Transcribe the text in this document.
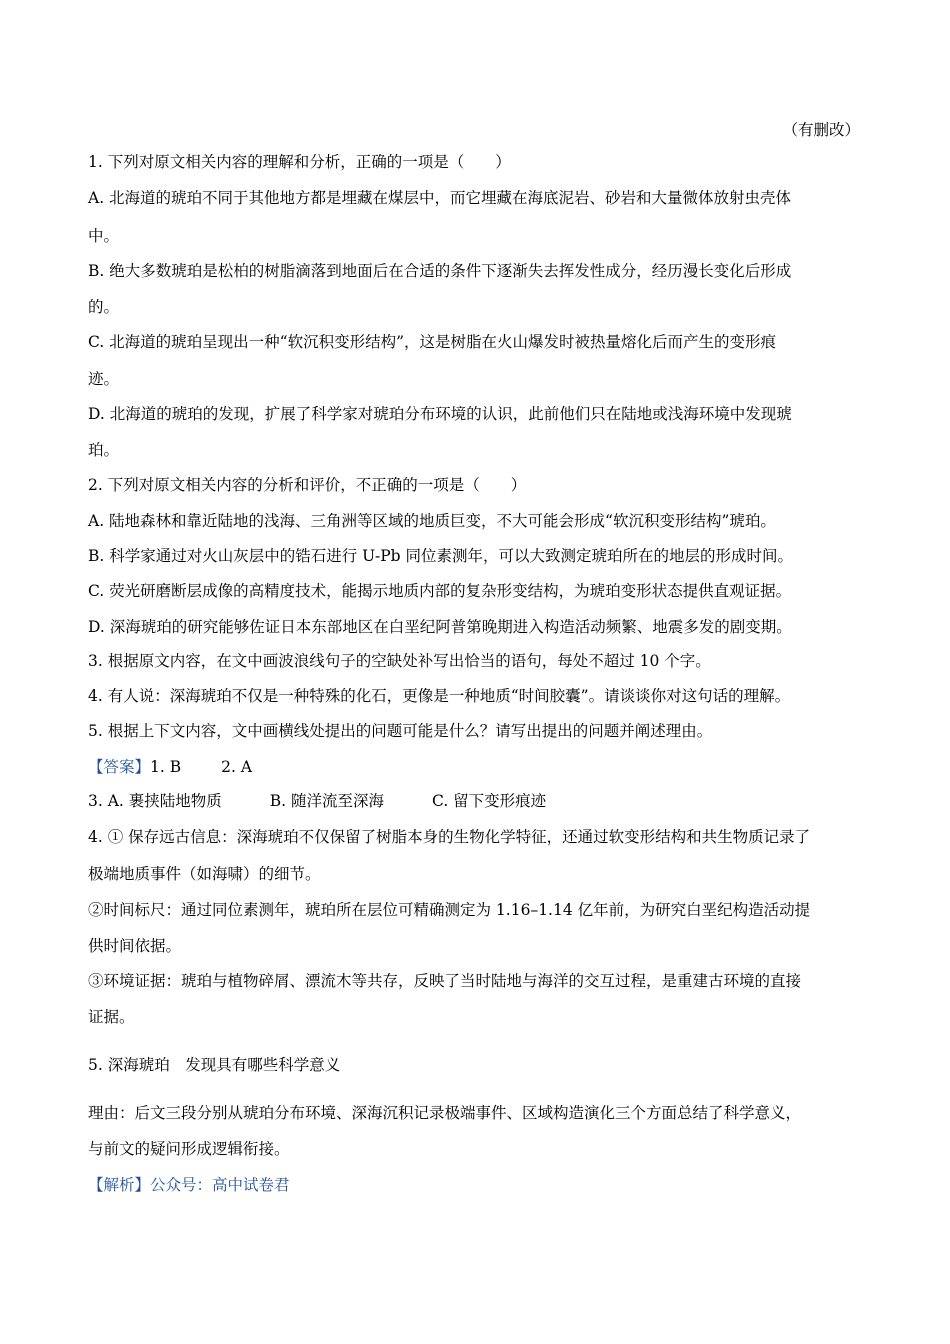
（有删改）
1. 下列对原文相关内容的理解和分析，正确的一项是（　　）
A. 北海道的琥珀不同于其他地方都是埋藏在煤层中，而它埋藏在海底泥岩、砂岩和大量微体放射虫壳体
中。
B. 绝大多数琥珀是松柏的树脂滴落到地面后在合适的条件下逐渐失去挥发性成分，经历漫长变化后形成
的。
C. 北海道的琥珀呈现出一种“软沉积变形结构”，这是树脂在火山爆发时被热量熔化后而产生的变形痕
迹。
D. 北海道的琥珀的发现，扩展了科学家对琥珀分布环境的认识，此前他们只在陆地或浅海环境中发现琥
珀。
2. 下列对原文相关内容的分析和评价，不正确的一项是（　　）
A. 陆地森林和靠近陆地的浅海、三角洲等区域的地质巨变，不大可能会形成“软沉积变形结构”琥珀。
B. 科学家通过对火山灰层中的锆石进行 U-Pb 同位素测年，可以大致测定琥珀所在的地层的形成时间。
C. 荧光研磨断层成像的高精度技术，能揭示地质内部的复杂形变结构，为琥珀变形状态提供直观证据。
D. 深海琥珀的研究能够佐证日本东部地区在白垩纪阿普第晚期进入构造活动频繁、地震多发的剧变期。
3. 根据原文内容，在文中画波浪线句子的空缺处补写出恰当的语句，每处不超过 10 个字。
4. 有人说：深海琥珀不仅是一种特殊的化石，更像是一种地质“时间胶囊”。请谈谈你对这句话的理解。
5. 根据上下文内容，文中画横线处提出的问题可能是什么？请写出提出的问题并阐述理由。
【答案】1. B	2. A
3. A. 裹挟陆地物质	B. 随洋流至深海	C. 留下变形痕迹
4. ① 保存远古信息：深海琥珀不仅保留了树脂本身的生物化学特征，还通过软变形结构和共生物质记录了
极端地质事件（如海啸）的细节。
②时间标尺：通过同位素测年，琥珀所在层位可精确测定为 1.16–1.14 亿年前，为研究白垩纪构造活动提
供时间依据。
③环境证据：琥珀与植物碎屑、漂流木等共存，反映了当时陆地与海洋的交互过程，是重建古环境的直接
证据。
5. 深海琥珀　发现具有哪些科学意义
理由：后文三段分别从琥珀分布环境、深海沉积记录极端事件、区域构造演化三个方面总结了科学意义，
与前文的疑问形成逻辑衔接。
【解析】公众号：高中试卷君
